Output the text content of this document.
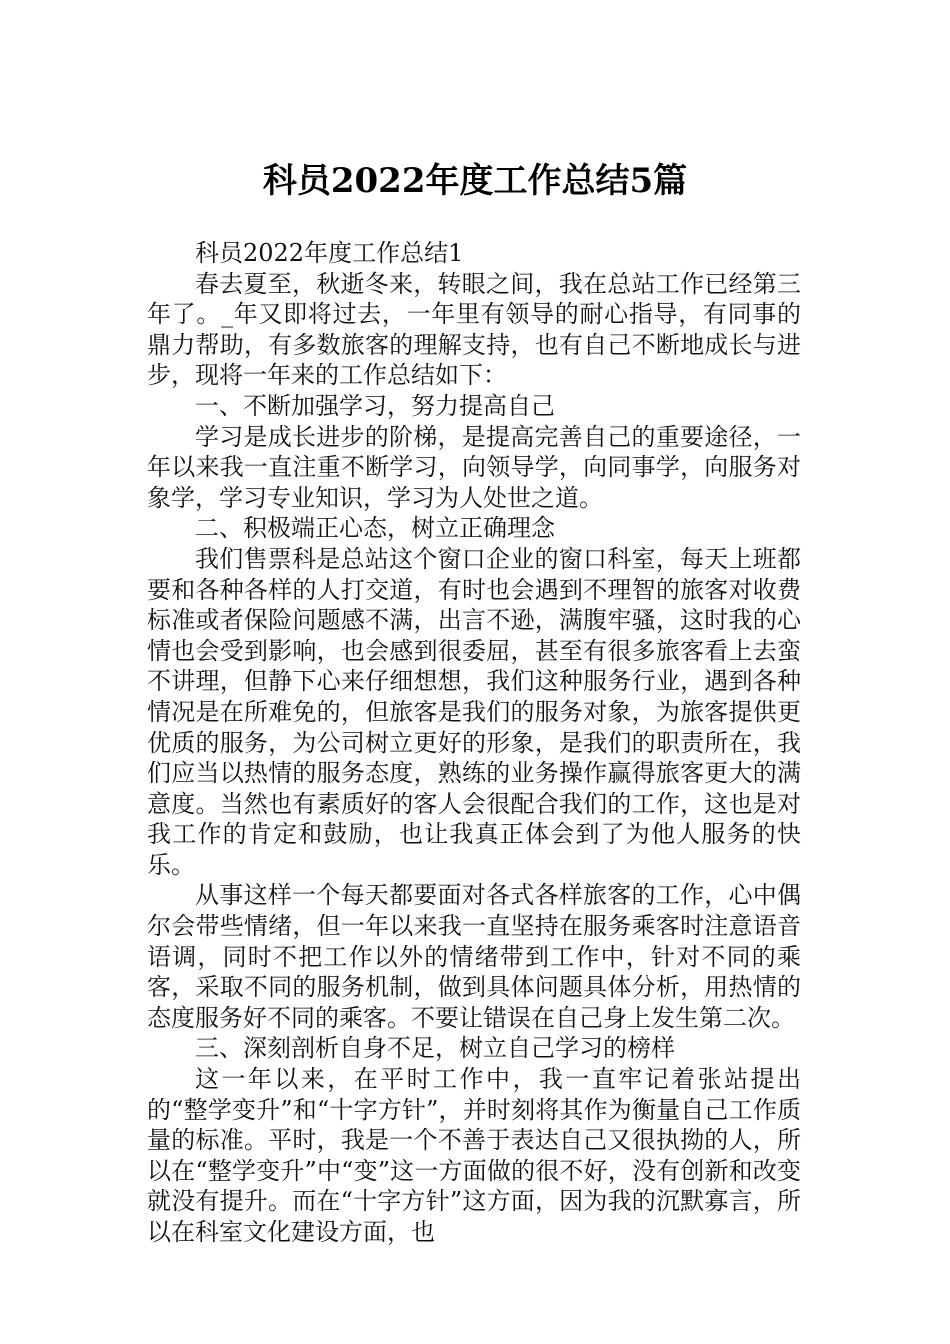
科员2022年度工作总结5篇

科员2022年度工作总结1

春去夏至，秋逝冬来，转眼之间，我在总站工作已经第三年了。_年又即将过去，一年里有领导的耐心指导，有同事的鼎力帮助，有多数旅客的理解支持，也有自己不断地成长与进步，现将一年来的工作总结如下：

一、不断加强学习，努力提高自己

学习是成长进步的阶梯，是提高完善自己的重要途径，一年以来我一直注重不断学习，向领导学，向同事学，向服务对象学，学习专业知识，学习为人处世之道。

二、积极端正心态，树立正确理念

我们售票科是总站这个窗口企业的窗口科室，每天上班都要和各种各样的人打交道，有时也会遇到不理智的旅客对收费标准或者保险问题感不满，出言不逊，满腹牢骚，这时我的心情也会受到影响，也会感到很委屈，甚至有很多旅客看上去蛮不讲理，但静下心来仔细想想，我们这种服务行业，遇到各种情况是在所难免的，但旅客是我们的服务对象，为旅客提供更优质的服务，为公司树立更好的形象，是我们的职责所在，我们应当以热情的服务态度，熟练的业务操作赢得旅客更大的满意度。当然也有素质好的客人会很配合我们的工作，这也是对我工作的肯定和鼓励，也让我真正体会到了为他人服务的快乐。

从事这样一个每天都要面对各式各样旅客的工作，心中偶尔会带些情绪，但一年以来我一直坚持在服务乘客时注意语音语调，同时不把工作以外的情绪带到工作中，针对不同的乘客，采取不同的服务机制，做到具体问题具体分析，用热情的态度服务好不同的乘客。不要让错误在自己身上发生第二次。

三、深刻剖析自身不足，树立自己学习的榜样

这一年以来，在平时工作中，我一直牢记着张站提出的“整学变升”和“十字方针”，并时刻将其作为衡量自己工作质量的标准。平时，我是一个不善于表达自己又很执拗的人，所以在“整学变升”中“变”这一方面做的很不好，没有创新和改变就没有提升。而在“十字方针”这方面，因为我的沉默寡言，所以在科室文化建设方面，也
